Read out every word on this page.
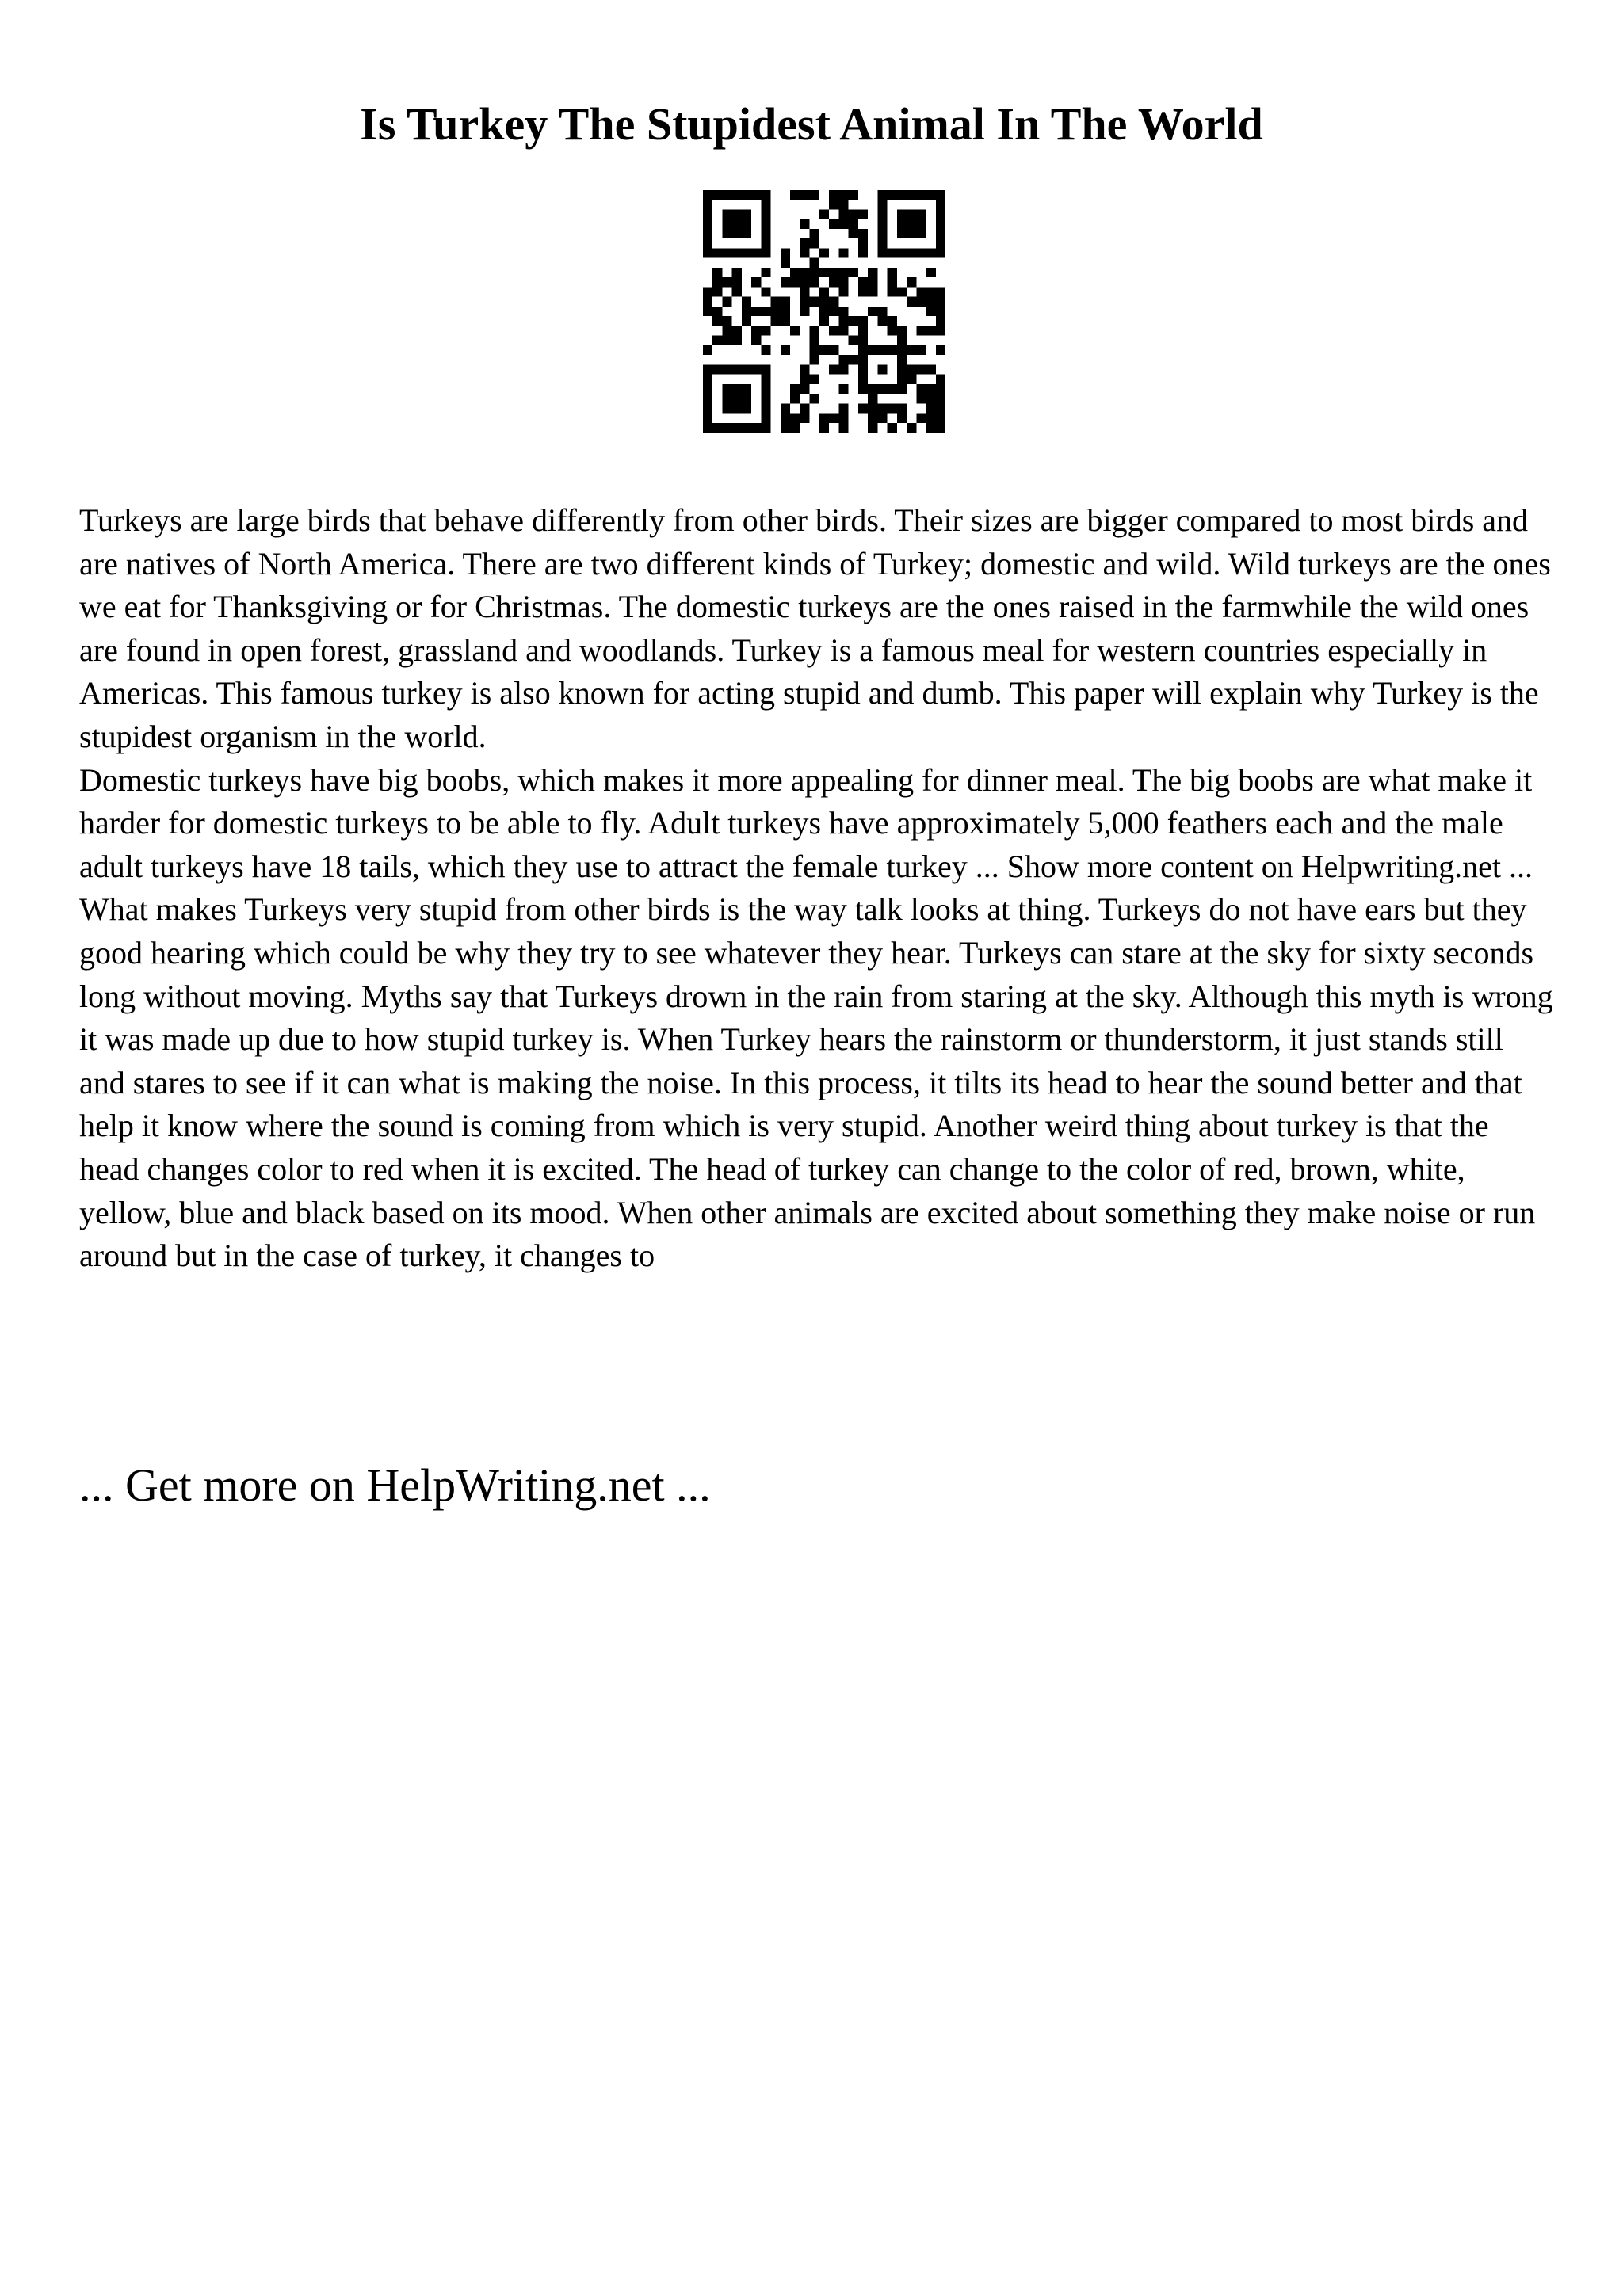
Is Turkey The Stupidest Animal In The World

Turkeys are large birds that behave differently from other birds. Their sizes are bigger compared to most birds and are natives of North America. There are two different kinds of Turkey; domestic and wild. Wild turkeys are the ones we eat for Thanksgiving or for Christmas. The domestic turkeys are the ones raised in the farmwhile the wild ones are found in open forest, grassland and woodlands. Turkey is a famous meal for western countries especially in Americas. This famous turkey is also known for acting stupid and dumb. This paper will explain why Turkey is the stupidest organism in the world.

Domestic turkeys have big boobs, which makes it more appealing for dinner meal. The big boobs are what make it harder for domestic turkeys to be able to fly. Adult turkeys have approximately 5,000 feathers each and the male adult turkeys have 18 tails, which they use to attract the female turkey ... Show more content on Helpwriting.net ...

What makes Turkeys very stupid from other birds is the way talk looks at thing. Turkeys do not have ears but they good hearing which could be why they try to see whatever they hear. Turkeys can stare at the sky for sixty seconds long without moving. Myths say that Turkeys drown in the rain from staring at the sky. Although this myth is wrong it was made up due to how stupid turkey is. When Turkey hears the rainstorm or thunderstorm, it just stands still and stares to see if it can what is making the noise. In this process, it tilts its head to hear the sound better and that help it know where the sound is coming from which is very stupid. Another weird thing about turkey is that the head changes color to red when it is excited. The head of turkey can change to the color of red, brown, white, yellow, blue and black based on its mood. When other animals are excited about something they make noise or run around but in the case of turkey, it changes to

... Get more on HelpWriting.net ...
